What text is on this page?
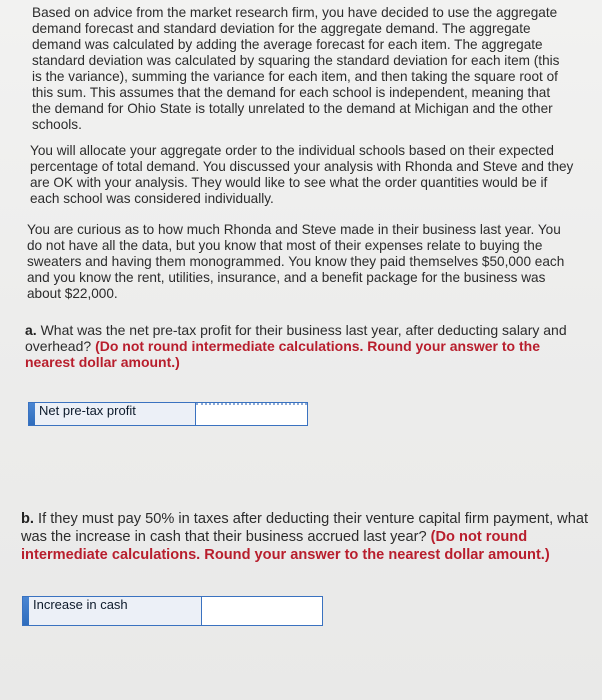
Based on advice from the market research firm, you have decided to use the aggregate demand forecast and standard deviation for the aggregate demand. The aggregate demand was calculated by adding the average forecast for each item. The aggregate standard deviation was calculated by squaring the standard deviation for each item (this is the variance), summing the variance for each item, and then taking the square root of this sum. This assumes that the demand for each school is independent, meaning that the demand for Ohio State is totally unrelated to the demand at Michigan and the other schools.

You will allocate your aggregate order to the individual schools based on their expected percentage of total demand. You discussed your analysis with Rhonda and Steve and they are OK with your analysis. They would like to see what the order quantities would be if each school was considered individually.

You are curious as to how much Rhonda and Steve made in their business last year. You do not have all the data, but you know that most of their expenses relate to buying the sweaters and having them monogrammed. You know they paid themselves $50,000 each and you know the rent, utilities, insurance, and a benefit package for the business was about $22,000.

a. What was the net pre-tax profit for their business last year, after deducting salary and overhead? (Do not round intermediate calculations. Round your answer to the nearest dollar amount.)

Net pre-tax profit

b. If they must pay 50% in taxes after deducting their venture capital firm payment, what was the increase in cash that their business accrued last year? (Do not round intermediate calculations. Round your answer to the nearest dollar amount.)

Increase in cash
